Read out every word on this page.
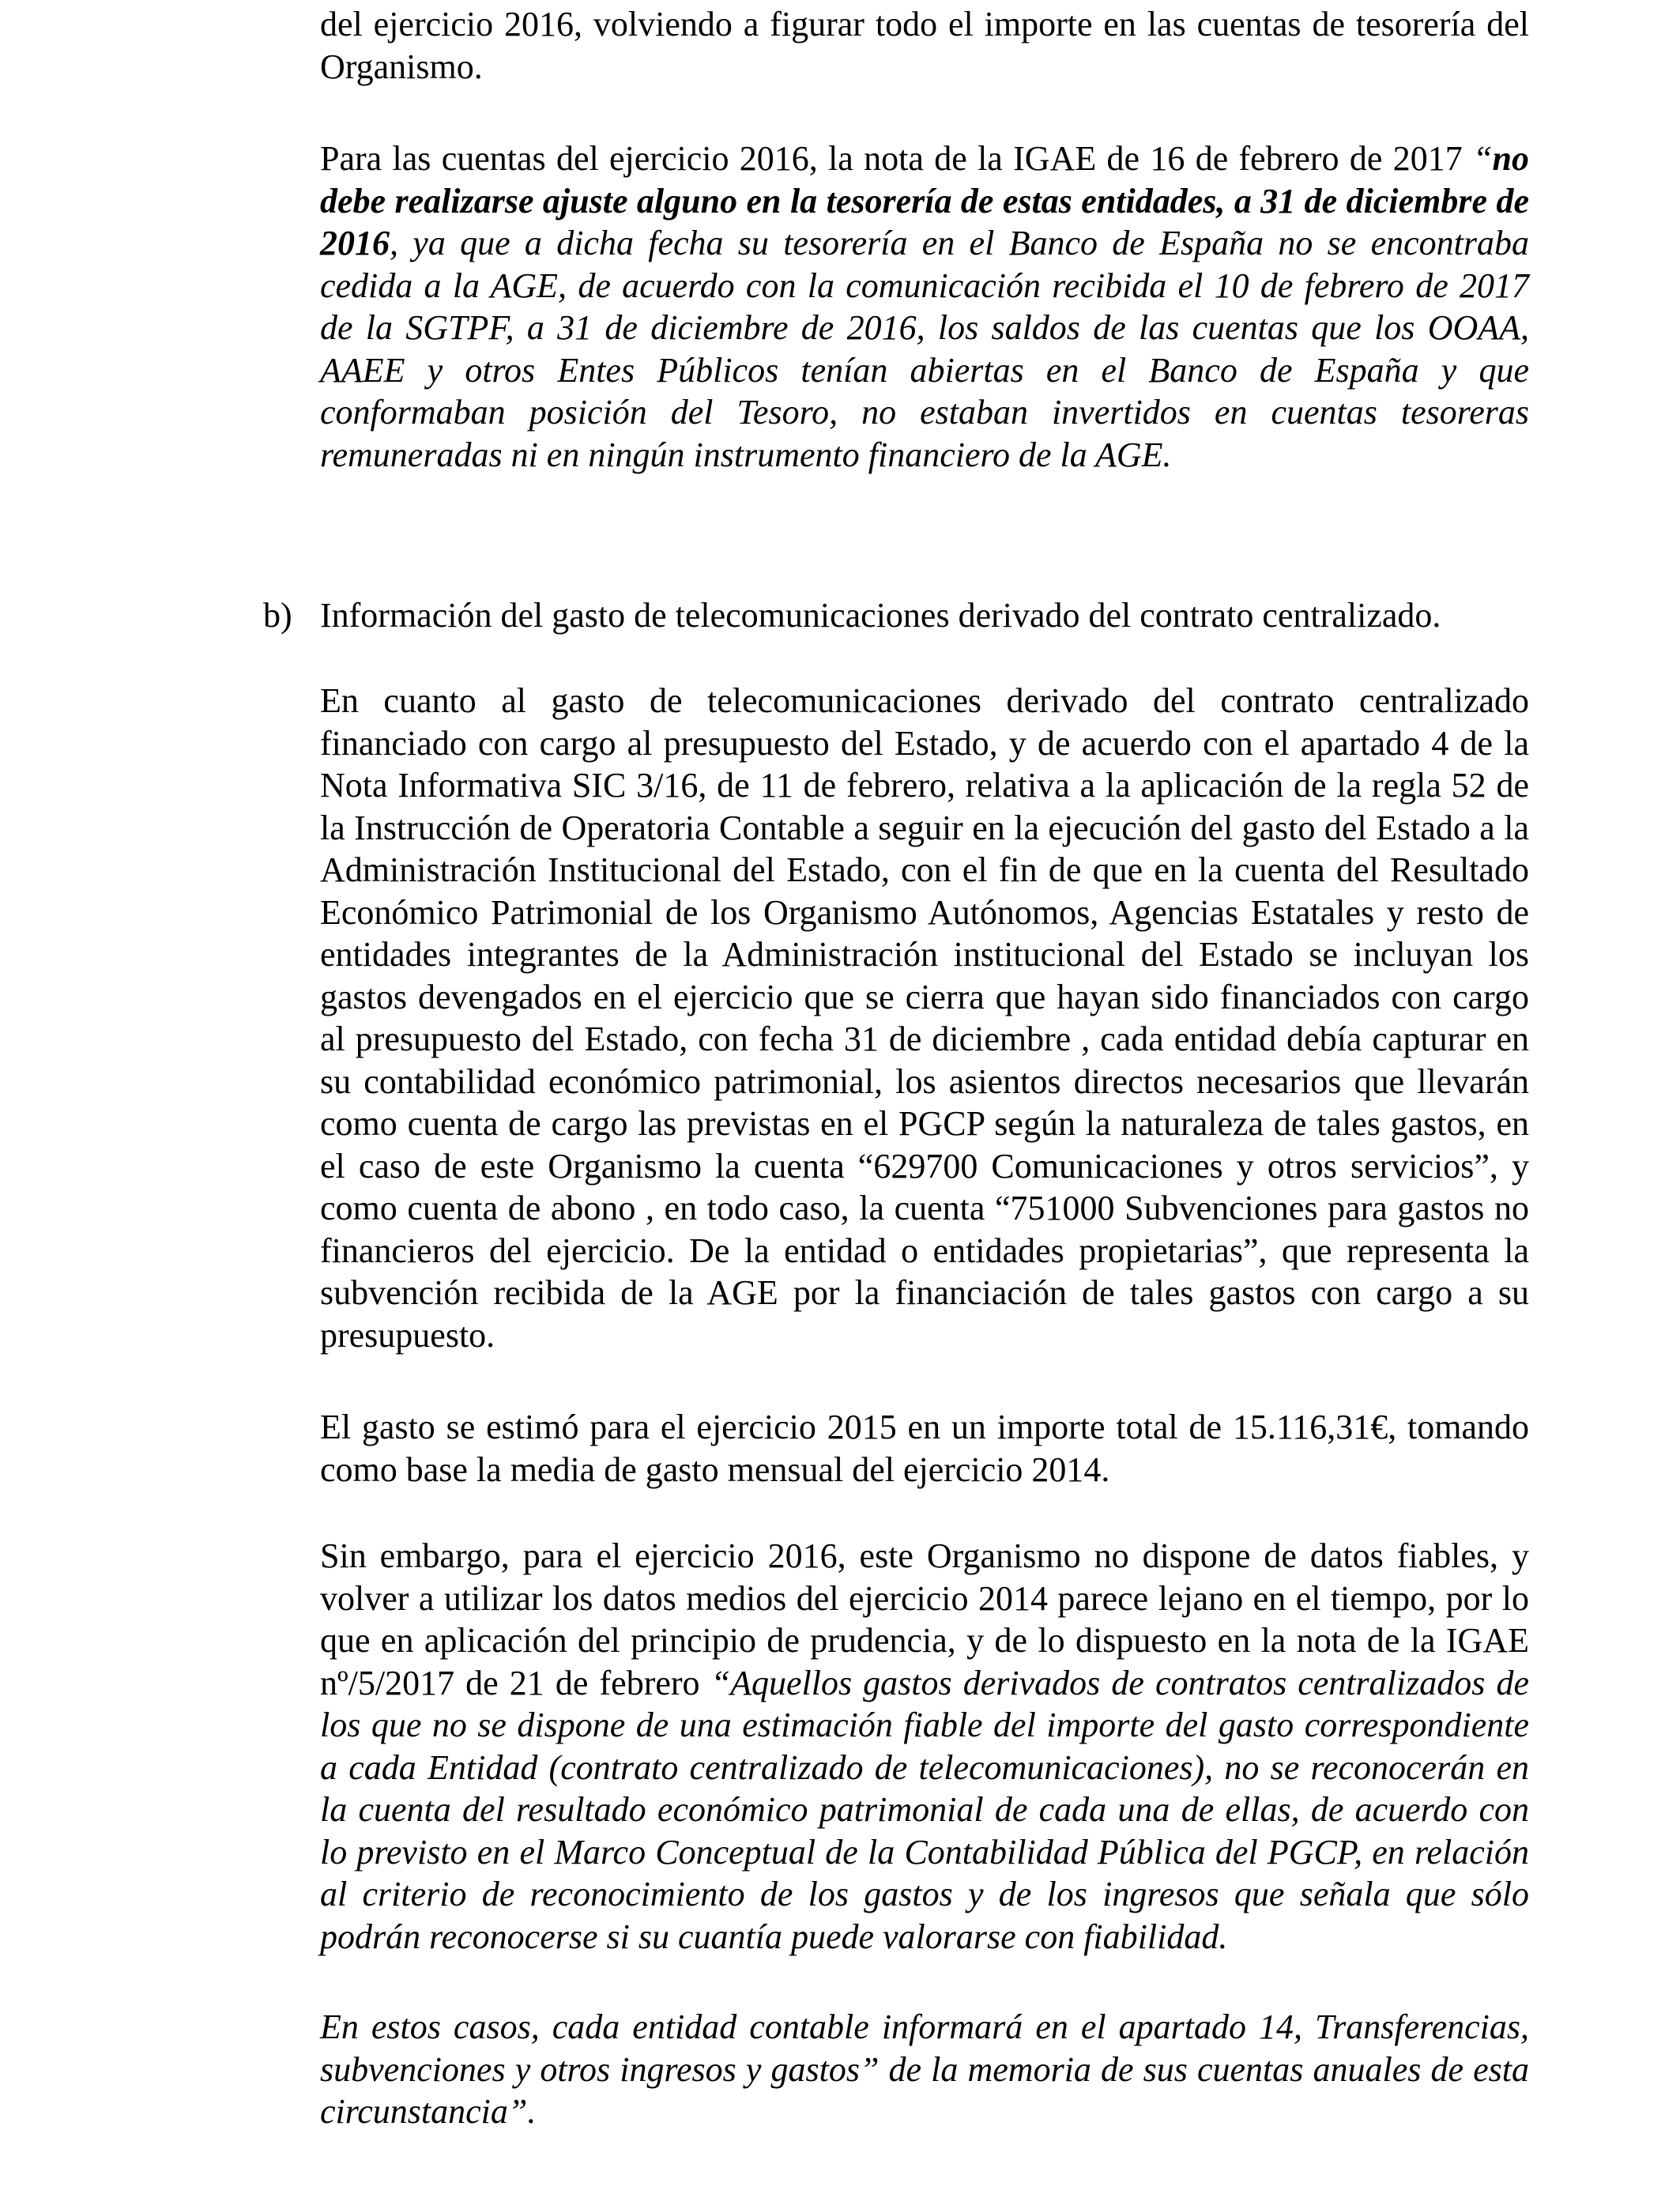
del ejercicio 2016, volviendo a figurar todo el importe en las cuentas de tesorería del Organismo.

Para las cuentas del ejercicio 2016, la nota de la IGAE de 16 de febrero de 2017 “no debe realizarse ajuste alguno en la tesorería de estas entidades, a 31 de diciembre de 2016, ya que a dicha fecha su tesorería en el Banco de España no se encontraba cedida a la AGE, de acuerdo con la comunicación recibida el 10 de febrero de 2017 de la SGTPF, a 31 de diciembre de 2016, los saldos de las cuentas que los OOAA, AAEE y otros Entes Públicos tenían abiertas en el Banco de España y que conformaban posición del Tesoro, no estaban invertidos en cuentas tesoreras remuneradas ni en ningún instrumento financiero de la AGE.

b) Información del gasto de telecomunicaciones derivado del contrato centralizado.

En cuanto al gasto de telecomunicaciones derivado del contrato centralizado financiado con cargo al presupuesto del Estado, y de acuerdo con el apartado 4 de la Nota Informativa SIC 3/16, de 11 de febrero, relativa a la aplicación de la regla 52 de la Instrucción de Operatoria Contable a seguir en la ejecución del gasto del Estado a la Administración Institucional del Estado, con el fin de que en la cuenta del Resultado Económico Patrimonial de los Organismo Autónomos, Agencias Estatales y resto de entidades integrantes de la Administración institucional del Estado se incluyan los gastos devengados en el ejercicio que se cierra que hayan sido financiados con cargo al presupuesto del Estado, con fecha 31 de diciembre , cada entidad debía capturar en su contabilidad económico patrimonial, los asientos directos necesarios que llevarán como cuenta de cargo las previstas en el PGCP según la naturaleza de tales gastos, en el caso de este Organismo la cuenta “629700 Comunicaciones y otros servicios”, y como cuenta de abono , en todo caso, la cuenta “751000 Subvenciones para gastos no financieros del ejercicio. De la entidad o entidades propietarias”, que representa la subvención recibida de la AGE por la financiación de tales gastos con cargo a su presupuesto.

El gasto se estimó para el ejercicio 2015 en un importe total de 15.116,31€, tomando como base la media de gasto mensual del ejercicio 2014.

Sin embargo, para el ejercicio 2016, este Organismo no dispone de datos fiables, y volver a utilizar los datos medios del ejercicio 2014 parece lejano en el tiempo, por lo que en aplicación del principio de prudencia, y de lo dispuesto en la nota de la IGAE nº/5/2017 de 21 de febrero “Aquellos gastos derivados de contratos centralizados de los que no se dispone de una estimación fiable del importe del gasto correspondiente a cada Entidad (contrato centralizado de telecomunicaciones), no se reconocerán en la cuenta del resultado económico patrimonial de cada una de ellas, de acuerdo con lo previsto en el Marco Conceptual de la Contabilidad Pública del PGCP, en relación al criterio de reconocimiento de los gastos y de los ingresos que señala que sólo podrán reconocerse si su cuantía puede valorarse con fiabilidad.

En estos casos, cada entidad contable informará en el apartado 14, Transferencias, subvenciones y otros ingresos y gastos” de la memoria de sus cuentas anuales de esta circunstancia”.
